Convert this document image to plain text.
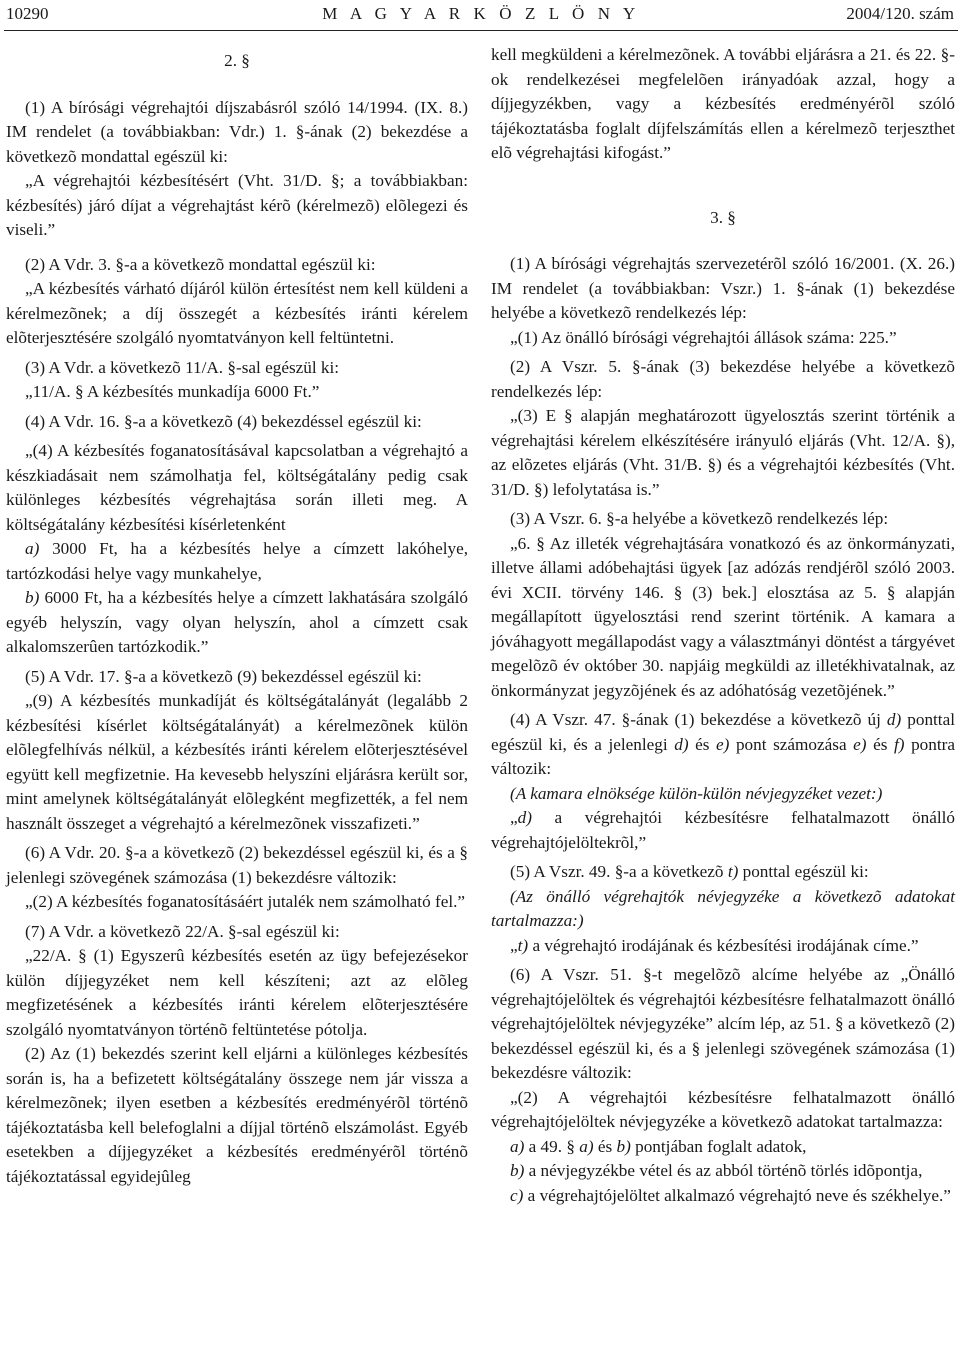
M A G Y A R K Ö Z L Ö N Y
10290	2004/120. szám

2. §

(1) A bírósági végrehajtói díjszabásról szóló 14/1994. (IX. 8.) IM rendelet (a továbbiakban: Vdr.) 1. §-ának (2) bekezdése a következõ mondattal egészül ki:

„A végrehajtói kézbesítésért (Vht. 31/D. §; a továbbiakban: kézbesítés) járó díjat a végrehajtást kérõ (kérelmezõ) elõlegezi és viseli.”

(2) A Vdr. 3. §-a a következõ mondattal egészül ki:

„A kézbesítés várható díjáról külön értesítést nem kell küldeni a kérelmezõnek; a díj összegét a kézbesítés iránti kérelem elõterjesztésére szolgáló nyomtatványon kell feltüntetni.

(3) A Vdr. a következõ 11/A. §-sal egészül ki:

„11/A. § A kézbesítés munkadíja 6000 Ft.”

(4) A Vdr. 16. §-a a következõ (4) bekezdéssel egészül ki:

„(4) A kézbesítés foganatosításával kapcsolatban a végrehajtó a készkiadásait nem számolhatja fel, költségátalány pedig csak különleges kézbesítés végrehajtása során illeti meg. A költségátalány kézbesítési kísérletenként

a) 3000 Ft, ha a kézbesítés helye a címzett lakóhelye, tartózkodási helye vagy munkahelye,

b) 6000 Ft, ha a kézbesítés helye a címzett lakhatására szolgáló egyéb helyszín, vagy olyan helyszín, ahol a címzett csak alkalomszerûen tartózkodik.”

(5) A Vdr. 17. §-a a következõ (9) bekezdéssel egészül ki:

„(9) A kézbesítés munkadíját és költségátalányát (legalább 2 kézbesítési kísérlet költségátalányát) a kérelmezõnek külön elõlegfelhívás nélkül, a kézbesítés iránti kérelem elõterjesztésével együtt kell megfizetnie. Ha kevesebb helyszíni eljárásra került sor, mint amelynek költségátalányát elõlegként megfizették, a fel nem használt összeget a végrehajtó a kérelmezõnek visszafizeti.”

(6) A Vdr. 20. §-a a következõ (2) bekezdéssel egészül ki, és a § jelenlegi szövegének számozása (1) bekezdésre változik:

„(2) A kézbesítés foganatosításáért jutalék nem számolható fel.”

(7) A Vdr. a következõ 22/A. §-sal egészül ki:

„22/A. § (1) Egyszerû kézbesítés esetén az ügy befejezésekor külön díjjegyzéket nem kell készíteni; azt az elõleg megfizetésének a kézbesítés iránti kérelem elõterjesztésére szolgáló nyomtatványon történõ feltüntetése pótolja.

(2) Az (1) bekezdés szerint kell eljárni a különleges kézbesítés során is, ha a befizetett költségátalány összege nem jár vissza a kérelmezõnek; ilyen esetben a kézbesítés eredményérõl történõ tájékoztatásba kell belefoglalni a díjjal történõ elszámolást. Egyéb esetekben a díjjegyzéket a kézbesítés eredményérõl történõ tájékoztatással egyidejûleg

kell megküldeni a kérelmezõnek. A további eljárásra a 21. és 22. §-ok rendelkezései megfelelõen irányadóak azzal, hogy a díjjegyzékben, vagy a kézbesítés eredményérõl szóló tájékoztatásba foglalt díjfelszámítás ellen a kérelmezõ terjeszthet elõ végrehajtási kifogást.”

3. §

(1) A bírósági végrehajtás szervezetérõl szóló 16/2001. (X. 26.) IM rendelet (a továbbiakban: Vszr.) 1. §-ának (1) bekezdése helyébe a következõ rendelkezés lép:

„(1) Az önálló bírósági végrehajtói állások száma: 225.”

(2) A Vszr. 5. §-ának (3) bekezdése helyébe a következõ rendelkezés lép:

„(3) E § alapján meghatározott ügyelosztás szerint történik a végrehajtási kérelem elkészítésére irányuló eljárás (Vht. 12/A. §), az elõzetes eljárás (Vht. 31/B. §) és a végrehajtói kézbesítés (Vht. 31/D. §) lefolytatása is.”

(3) A Vszr. 6. §-a helyébe a következõ rendelkezés lép:

„6. § Az illeték végrehajtására vonatkozó és az önkormányzati, illetve állami adóbehajtási ügyek [az adózás rendjérõl szóló 2003. évi XCII. törvény 146. § (3) bek.] elosztása az 5. § alapján megállapított ügyelosztási rend szerint történik. A kamara a jóváhagyott megállapodást vagy a választmányi döntést a tárgyévet megelõzõ év október 30. napjáig megküldi az illetékhivatalnak, az önkormányzat jegyzõjének és az adóhatóság vezetõjének.”

(4) A Vszr. 47. §-ának (1) bekezdése a következõ új d) ponttal egészül ki, és a jelenlegi d) és e) pont számozása e) és f) pontra változik:

(A kamara elnöksége külön-külön névjegyzéket vezet:)

„d) a végrehajtói kézbesítésre felhatalmazott önálló végrehajtójelöltekrõl,”

(5) A Vszr. 49. §-a a következõ t) ponttal egészül ki:

(Az önálló végrehajtók névjegyzéke a következõ adatokat tartalmazza:)

„t) a végrehajtó irodájának és kézbesítési irodájának címe.”

(6) A Vszr. 51. §-t megelõzõ alcíme helyébe az „Önálló végrehajtójelöltek és végrehajtói kézbesítésre felhatalmazott önálló végrehajtójelöltek névjegyzéke” alcím lép, az 51. § a következõ (2) bekezdéssel egészül ki, és a § jelenlegi szövegének számozása (1) bekezdésre változik:

„(2) A végrehajtói kézbesítésre felhatalmazott önálló végrehajtójelöltek névjegyzéke a következõ adatokat tartalmazza:

a) a 49. § a) és b) pontjában foglalt adatok,

b) a névjegyzékbe vétel és az abból történõ törlés idõpontja,

c) a végrehajtójelöltet alkalmazó végrehajtó neve és székhelye.”
